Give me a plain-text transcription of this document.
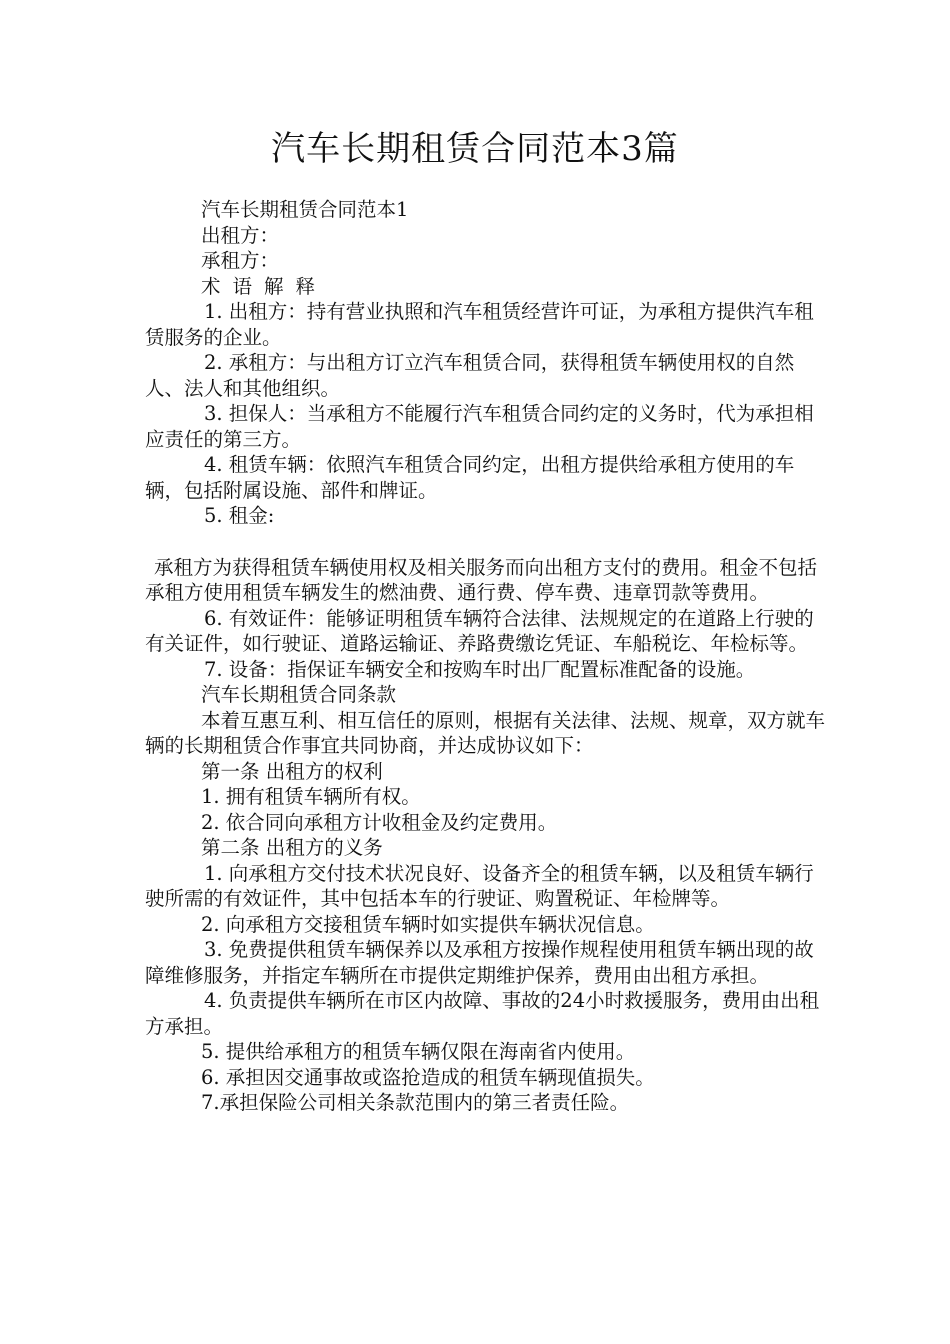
汽车长期租赁合同范本3篇

汽车长期租赁合同范本1

出租方：

承租方：

术语解释

1. 出租方：持有营业执照和汽车租赁经营许可证，为承租方提供汽车租赁服务的企业。

2. 承租方：与出租方订立汽车租赁合同，获得租赁车辆使用权的自然人、法人和其他组织。

3. 担保人：当承租方不能履行汽车租赁合同约定的义务时，代为承担相应责任的第三方。

4. 租赁车辆：依照汽车租赁合同约定，出租方提供给承租方使用的车辆，包括附属设施、部件和牌证。

5. 租金:

承租方为获得租赁车辆使用权及相关服务而向出租方支付的费用。租金不包括承租方使用租赁车辆发生的燃油费、通行费、停车费、违章罚款等费用。

6. 有效证件：能够证明租赁车辆符合法律、法规规定的在道路上行驶的有关证件，如行驶证、道路运输证、养路费缴讫凭证、车船税讫、年检标等。

7. 设备：指保证车辆安全和按购车时出厂配置标准配备的设施。

汽车长期租赁合同条款

本着互惠互利、相互信任的原则，根据有关法律、法规、规章，双方就车辆的长期租赁合作事宜共同协商，并达成协议如下：

第一条 出租方的权利

1. 拥有租赁车辆所有权。

2. 依合同向承租方计收租金及约定费用。

第二条 出租方的义务

1. 向承租方交付技术状况良好、设备齐全的租赁车辆，以及租赁车辆行驶所需的有效证件，其中包括本车的行驶证、购置税证、年检牌等。

2. 向承租方交接租赁车辆时如实提供车辆状况信息。

3. 免费提供租赁车辆保养以及承租方按操作规程使用租赁车辆出现的故障维修服务，并指定车辆所在市提供定期维护保养，费用由出租方承担。

4. 负责提供车辆所在市区内故障、事故的24小时救援服务，费用由出租方承担。

5. 提供给承租方的租赁车辆仅限在海南省内使用。

6. 承担因交通事故或盗抢造成的租赁车辆现值损失。

7.承担保险公司相关条款范围内的第三者责任险。
